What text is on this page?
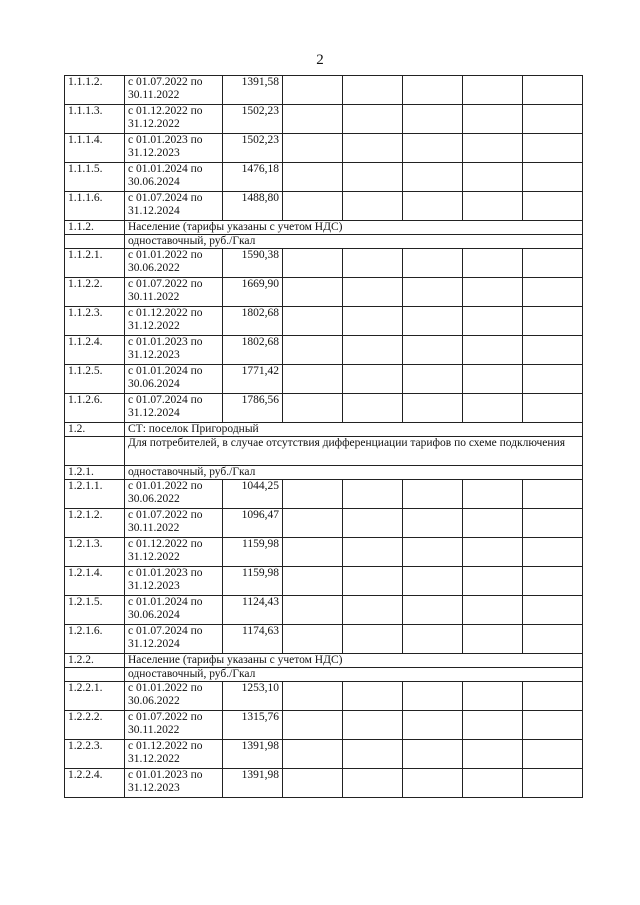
2
1.1.1.2.	с 01.07.2022 по 30.11.2022	1391,58					
1.1.1.3.	с 01.12.2022 по 31.12.2022	1502,23					
1.1.1.4.	с 01.01.2023 по 31.12.2023	1502,23					
1.1.1.5.	с 01.01.2024 по 30.06.2024	1476,18					
1.1.1.6.	с 01.07.2024 по 31.12.2024	1488,80					
1.1.2.	Население (тарифы указаны с учетом НДС)						
	одноставочный, руб./Гкал						
1.1.2.1.	с 01.01.2022 по 30.06.2022	1590,38					
1.1.2.2.	с 01.07.2022 по 30.11.2022	1669,90					
1.1.2.3.	с 01.12.2022 по 31.12.2022	1802,68					
1.1.2.4.	с 01.01.2023 по 31.12.2023	1802,68					
1.1.2.5.	с 01.01.2024 по 30.06.2024	1771,42					
1.1.2.6.	с 01.07.2024 по 31.12.2024	1786,56					
1.2.	СТ: поселок Пригородный						
	Для потребителей, в случае отсутствия дифференциации тарифов по схеме подключения						
1.2.1.	одноставочный, руб./Гкал						
1.2.1.1.	с 01.01.2022 по 30.06.2022	1044,25					
1.2.1.2.	с 01.07.2022 по 30.11.2022	1096,47					
1.2.1.3.	с 01.12.2022 по 31.12.2022	1159,98					
1.2.1.4.	с 01.01.2023 по 31.12.2023	1159,98					
1.2.1.5.	с 01.01.2024 по 30.06.2024	1124,43					
1.2.1.6.	с 01.07.2024 по 31.12.2024	1174,63					
1.2.2.	Население (тарифы указаны с учетом НДС)						
	одноставочный, руб./Гкал						
1.2.2.1.	с 01.01.2022 по 30.06.2022	1253,10					
1.2.2.2.	с 01.07.2022 по 30.11.2022	1315,76					
1.2.2.3.	с 01.12.2022 по 31.12.2022	1391,98					
1.2.2.4.	с 01.01.2023 по 31.12.2023	1391,98					
